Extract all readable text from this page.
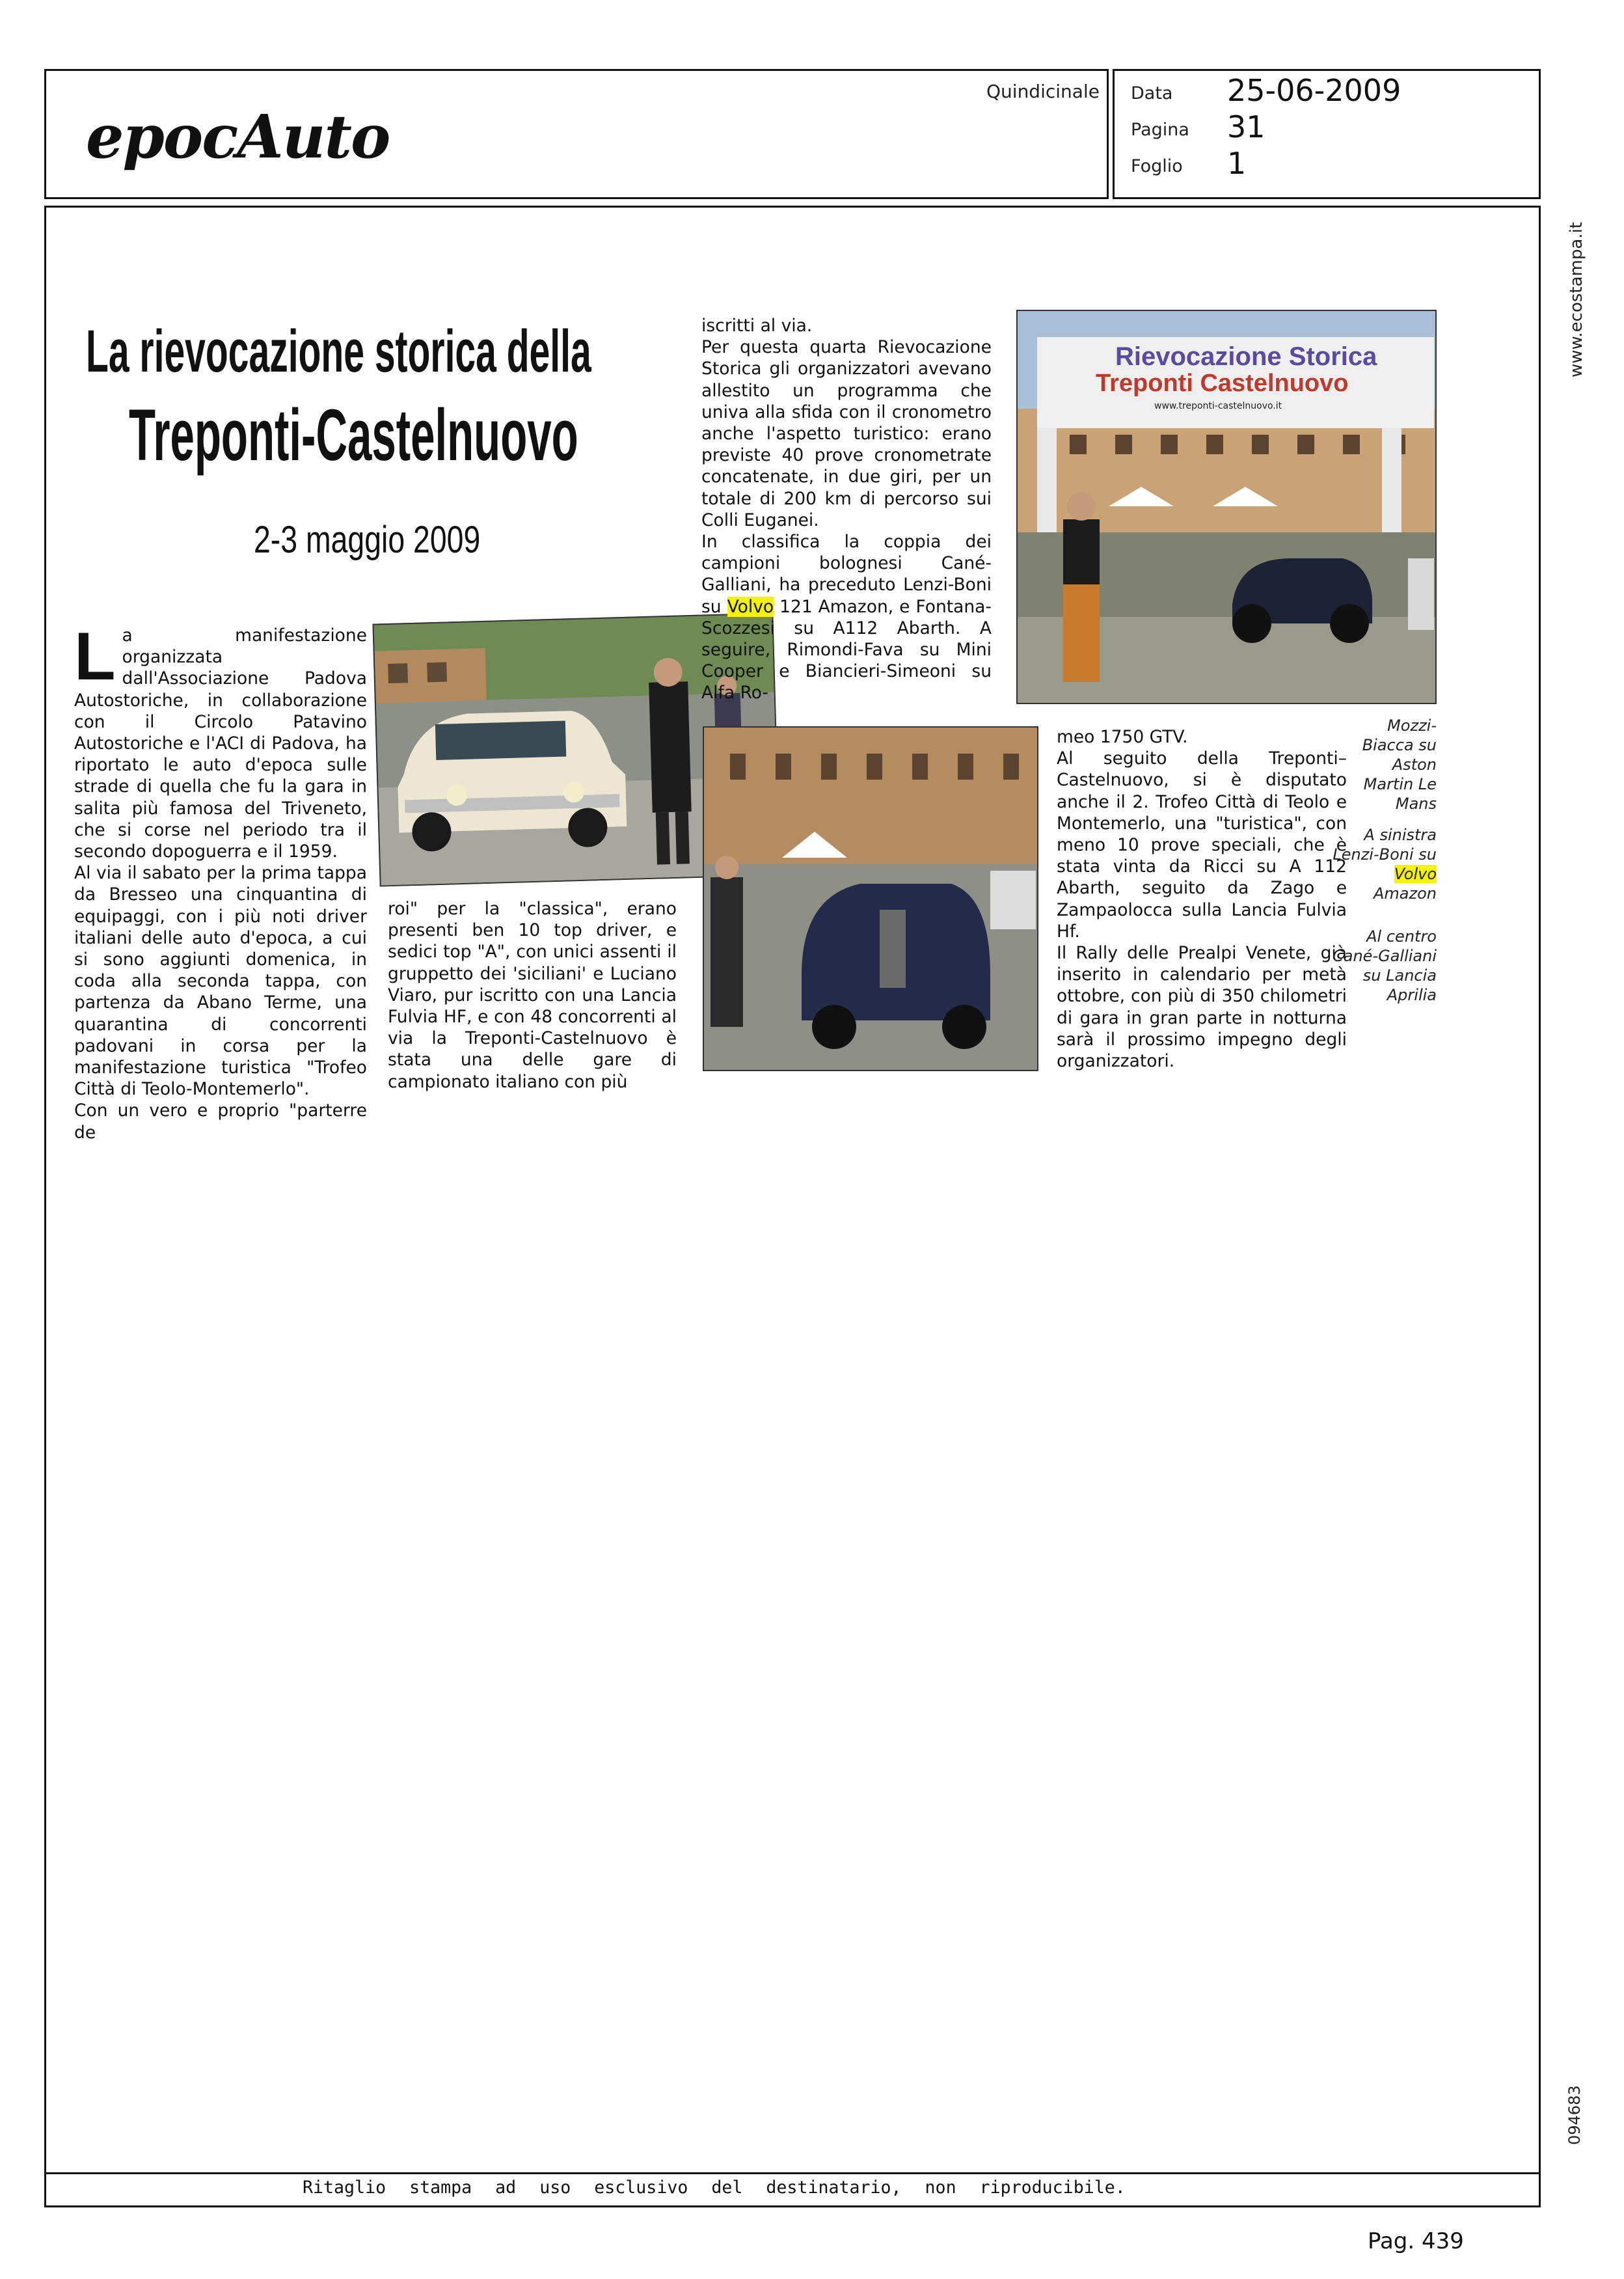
epocAuto
Quindicinale Data 25-06-2009
Pagina 31
Foglio 1
www.ecostampa.it
094683
La rievocazione storica della
Treponti-Castelnuovo
2-3 maggio 2009
L a manifestazione organizzata dall'Associazione Padova Autostoriche, in collaborazione con il Circolo Patavino Autostoriche e l'ACI di Padova, ha riportato le auto d'epoca sulle strade di quella che fu la gara in salita più famosa del Triveneto, che si corse nel periodo tra il secondo dopoguerra e il 1959.
Al via il sabato per la prima tappa da Bresseo una cinquantina di equipaggi, con i più noti driver italiani delle auto d'epoca, a cui si sono aggiunti domenica, in coda alla seconda tappa, con partenza da Abano Terme, una quarantina di concorrenti padovani in corsa per la manifestazione turistica "Trofeo Città di Teolo-Montemerlo".
Con un vero e proprio "parterre de
roi" per la "classica", erano presenti ben 10 top driver, e sedici top "A", con unici assenti il gruppetto dei 'siciliani' e Luciano Viaro, pur iscritto con una Lancia Fulvia HF, e con 48 concorrenti al via la Treponti-Castelnuovo è stata una delle gare di campionato italiano con più
iscritti al via.
Per questa quarta Rievocazione Storica gli organizzatori avevano allestito un programma che univa alla sfida con il cronometro anche l'aspetto turistico: erano previste 40 prove cronometrate concatenate, in due giri, per un totale di 200 km di percorso sui Colli Euganei.
In classifica la coppia dei campioni bolognesi Cané-Galliani, ha preceduto Lenzi-Boni su Volvo 121 Amazon, e Fontana-Scozzesi su A112 Abarth. A seguire, Rimondi-Fava su Mini Cooper e Biancieri-Simeoni su Alfa Ro-
Rievocazione Storica
Treponti Castelnuovo
www.treponti-castelnuovo.it
meo 1750 GTV.
Al seguito della Treponti–Castelnuovo, si è disputato anche il 2. Trofeo Città di Teolo e Montemerlo, una "turistica", con meno 10 prove speciali, che è stata vinta da Ricci su A 112 Abarth, seguito da Zago e Zampaolocca sulla Lancia Fulvia Hf.
Il Rally delle Prealpi Venete, già inserito in calendario per metà ottobre, con più di 350 chilometri di gara in gran parte in notturna sarà il prossimo impegno degli organizzatori.
Mozzi-Biacca su Aston Martin Le Mans
A sinistra Lenzi-Boni su Volvo Amazon
Al centro Cané-Galliani su Lancia Aprilia
Ritaglio stampa ad uso esclusivo del destinatario, non riproducibile.
Pag. 439
